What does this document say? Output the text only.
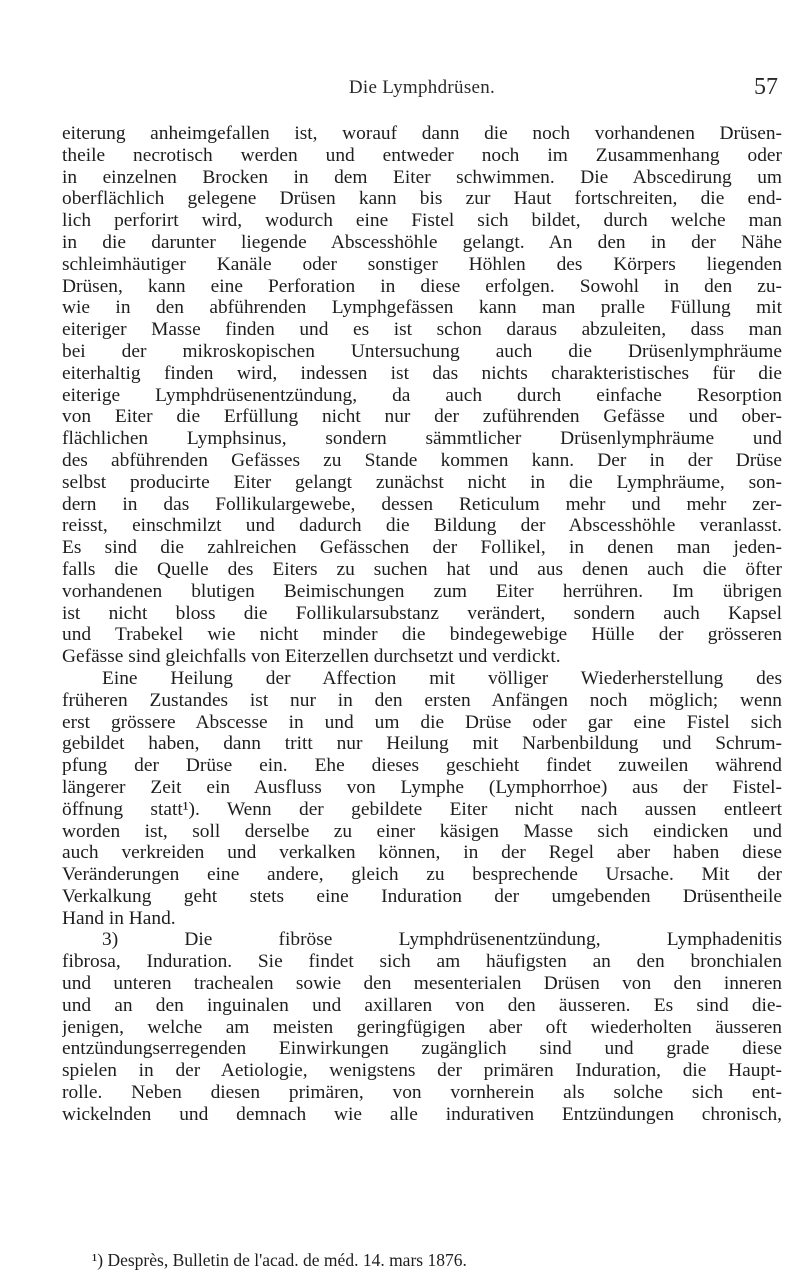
Die Lymphdrüsen.	57
eiterung anheimgefallen ist, worauf dann die noch vorhandenen Drüsen-
theile necrotisch werden und entweder noch im Zusammenhang oder
in einzelnen Brocken in dem Eiter schwimmen. Die Abscedirung um
oberflächlich gelegene Drüsen kann bis zur Haut fortschreiten, die end-
lich perforirt wird, wodurch eine Fistel sich bildet, durch welche man
in die darunter liegende Abscesshöhle gelangt. An den in der Nähe
schleimhäutiger Kanäle oder sonstiger Höhlen des Körpers liegenden
Drüsen, kann eine Perforation in diese erfolgen. Sowohl in den zu-
wie in den abführenden Lymphgefässen kann man pralle Füllung mit
eiteriger Masse finden und es ist schon daraus abzuleiten, dass man
bei der mikroskopischen Untersuchung auch die Drüsenlymphräume
eiterhaltig finden wird, indessen ist das nichts charakteristisches für die
eiterige Lymphdrüsenentzündung, da auch durch einfache Resorption
von Eiter die Erfüllung nicht nur der zuführenden Gefässe und ober-
flächlichen Lymphsinus, sondern sämmtlicher Drüsenlymphräume und
des abführenden Gefässes zu Stande kommen kann. Der in der Drüse
selbst producirte Eiter gelangt zunächst nicht in die Lymphräume, son-
dern in das Follikulargewebe, dessen Reticulum mehr und mehr zer-
reisst, einschmilzt und dadurch die Bildung der Abscesshöhle veranlasst.
Es sind die zahlreichen Gefässchen der Follikel, in denen man jeden-
falls die Quelle des Eiters zu suchen hat und aus denen auch die öfter
vorhandenen blutigen Beimischungen zum Eiter herrühren. Im übrigen
ist nicht bloss die Follikularsubstanz verändert, sondern auch Kapsel
und Trabekel wie nicht minder die bindegewebige Hülle der grösseren
Gefässe sind gleichfalls von Eiterzellen durchsetzt und verdickt.
Eine Heilung der Affection mit völliger Wiederherstellung des
früheren Zustandes ist nur in den ersten Anfängen noch möglich; wenn
erst grössere Abscesse in und um die Drüse oder gar eine Fistel sich
gebildet haben, dann tritt nur Heilung mit Narbenbildung und Schrum-
pfung der Drüse ein. Ehe dieses geschieht findet zuweilen während
längerer Zeit ein Ausfluss von Lymphe (Lymphorrhoe) aus der Fistel-
öffnung statt¹). Wenn der gebildete Eiter nicht nach aussen entleert
worden ist, soll derselbe zu einer käsigen Masse sich eindicken und
auch verkreiden und verkalken können, in der Regel aber haben diese
Veränderungen eine andere, gleich zu besprechende Ursache. Mit der
Verkalkung geht stets eine Induration der umgebenden Drüsentheile
Hand in Hand.
3) Die fibröse Lymphdrüsenentzündung, Lymphadenitis
fibrosa, Induration. Sie findet sich am häufigsten an den bronchialen
und unteren trachealen sowie den mesenterialen Drüsen von den inneren
und an den inguinalen und axillaren von den äusseren. Es sind die-
jenigen, welche am meisten geringfügigen aber oft wiederholten äusseren
entzündungserregenden Einwirkungen zugänglich sind und grade diese
spielen in der Aetiologie, wenigstens der primären Induration, die Haupt-
rolle. Neben diesen primären, von vornherein als solche sich ent-
wickelnden und demnach wie alle indurativen Entzündungen chronisch,
¹) Desprès, Bulletin de l'acad. de méd. 14. mars 1876.
